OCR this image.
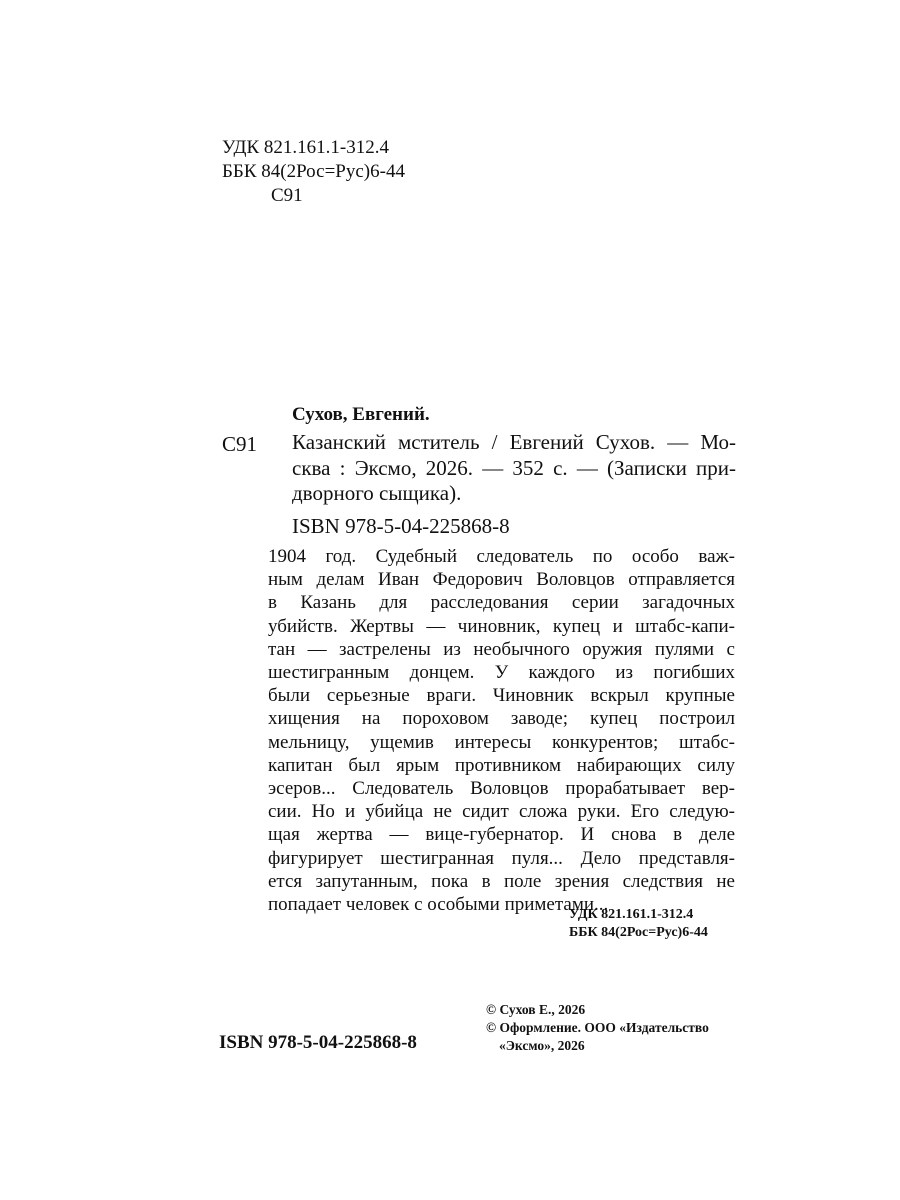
УДК 821.161.1-312.4
ББК 84(2Рос=Рус)6-44
С91
Сухов, Евгений.
С91 Казанский мститель / Евгений Сухов. — Мо-
сква : Эксмо, 2026. — 352 с. — (Записки при-
дворного сыщика).
ISBN 978-5-04-225868-8
1904 год. Судебный следователь по особо важ-
ным делам Иван Федорович Воловцов отправляется
в Казань для расследования серии загадочных
убийств. Жертвы — чиновник, купец и штабс-капи-
тан — застрелены из необычного оружия пулями с
шестигранным донцем. У каждого из погибших
были серьезные враги. Чиновник вскрыл крупные
хищения на пороховом заводе; купец построил
мельницу, ущемив интересы конкурентов; штабс-
капитан был ярым противником набирающих силу
эсеров... Следователь Воловцов прорабатывает вер-
сии. Но и убийца не сидит сложа руки. Его следую-
щая жертва — вице-губернатор. И снова в деле
фигурирует шестигранная пуля... Дело представля-
ется запутанным, пока в поле зрения следствия не
попадает человек с особыми приметами...
УДК 821.161.1-312.4
ББК 84(2Рос=Рус)6-44
ISBN 978-5-04-225868-8
© Сухов Е., 2026
© Оформление. ООО «Издательство
«Эксмо», 2026
